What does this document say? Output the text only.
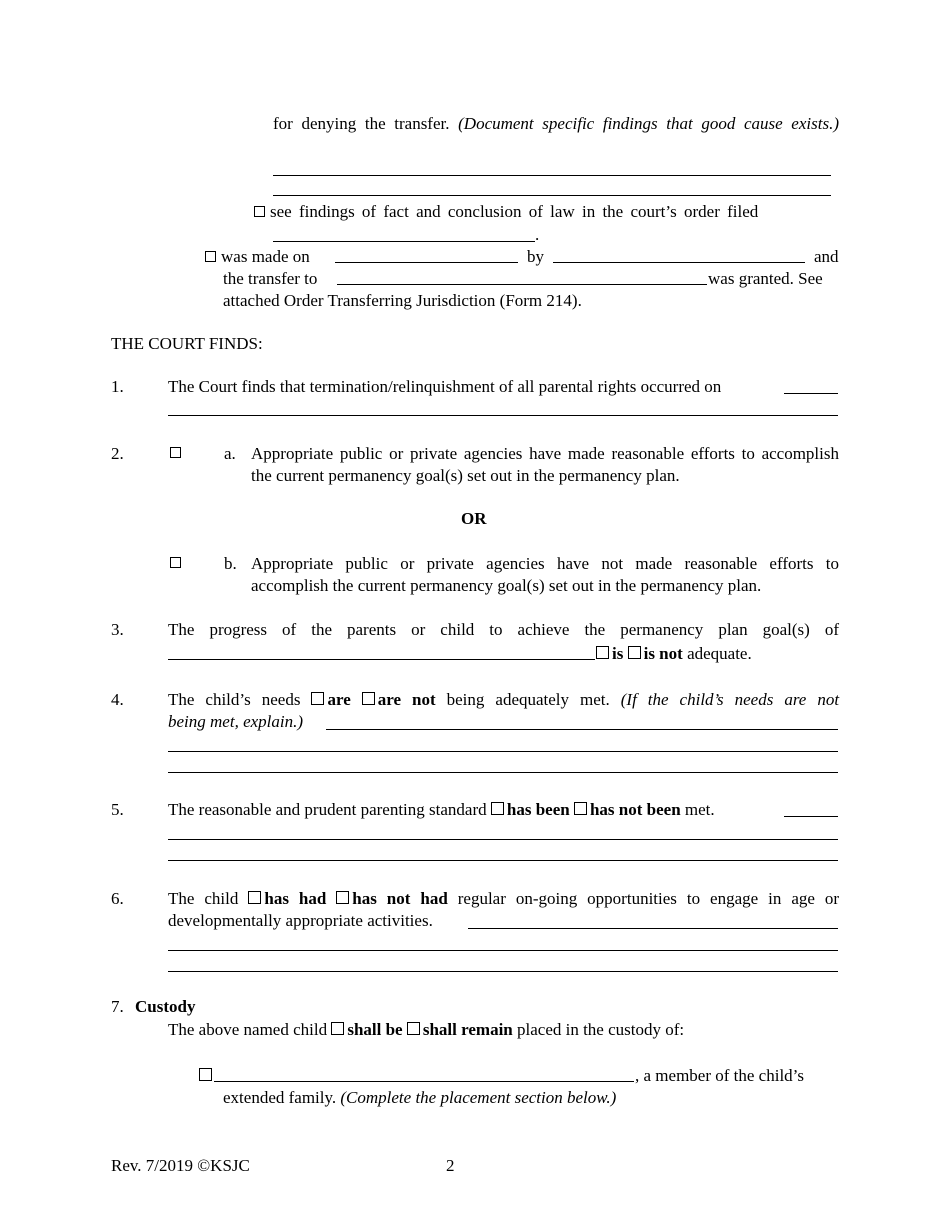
for denying the transfer. (Document specific findings that good cause exists.)

see findings of fact and conclusion of law in the court’s order filed

.

was made on	by	and
the transfer to	was granted. See
attached Order Transferring Jurisdiction (Form 214).
THE COURT FINDS:
1.	The Court finds that termination/relinquishment of all parental rights occurred on
2.	a. Appropriate public or private agencies have made reasonable efforts to accomplish the current permanency goal(s) set out in the permanency plan.

OR
b. Appropriate public or private agencies have not made reasonable efforts to accomplish the current permanency goal(s) set out in the permanency plan.

3.	The progress of the parents or child to achieve the permanency plan goal(s) of

is is not adequate.

4.	The child’s needs are are not being adequately met. (If the child’s needs are not

being met, explain.)
5.	The reasonable and prudent parenting standard has been has not been met.

6.	The child has had has not had regular on-going opportunities to engage in age or

developmentally appropriate activities.
7. Custody

The above named child shall be shall remain placed in the custody of:

, a member of the child’s

extended family. (Complete the placement section below.)

Rev. 7/2019 ©KSJC	2
